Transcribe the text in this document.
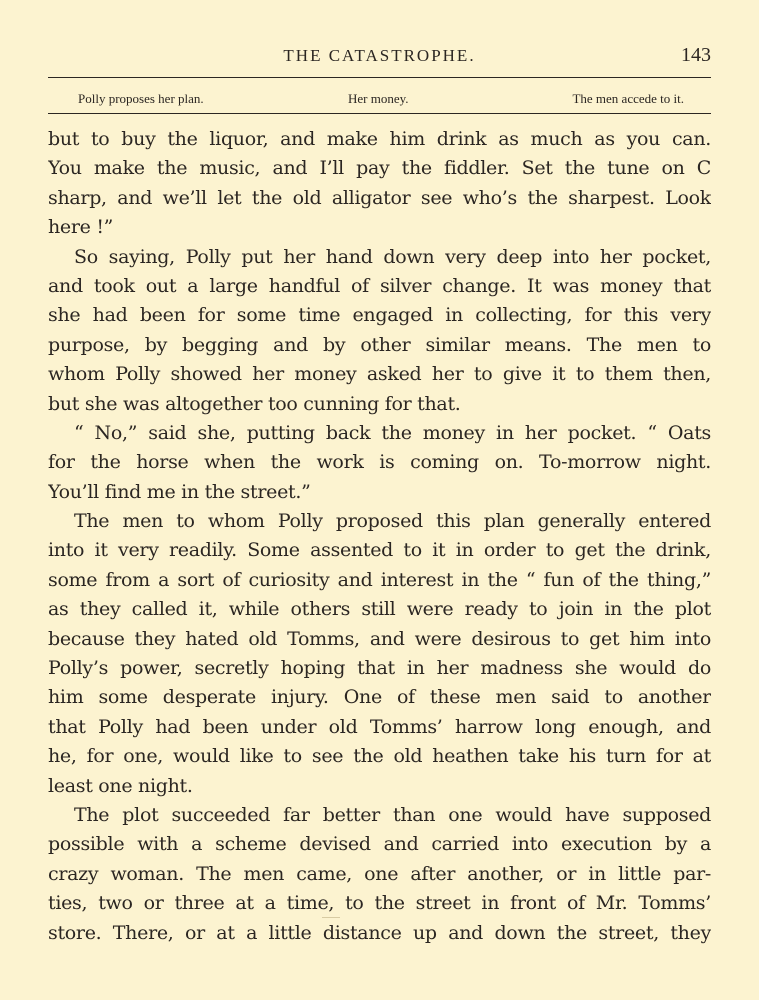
THE CATASTROPHE.	143
Polly proposes her plan.	Her money.	The men accede to it.
but to buy the liquor, and make him drink as much as you can.
You make the music, and I’ll pay the fiddler. Set the tune on C
sharp, and we’ll let the old alligator see who’s the sharpest. Look
here !”
So saying, Polly put her hand down very deep into her pocket,
and took out a large handful of silver change. It was money that
she had been for some time engaged in collecting, for this very
purpose, by begging and by other similar means. The men to
whom Polly showed her money asked her to give it to them then,
but she was altogether too cunning for that.
“ No,” said she, putting back the money in her pocket. “ Oats
for the horse when the work is coming on. To-morrow night.
You’ll find me in the street.”
The men to whom Polly proposed this plan generally entered
into it very readily. Some assented to it in order to get the drink,
some from a sort of curiosity and interest in the “ fun of the thing,”
as they called it, while others still were ready to join in the plot
because they hated old Tomms, and were desirous to get him into
Polly’s power, secretly hoping that in her madness she would do
him some desperate injury. One of these men said to another
that Polly had been under old Tomms’ harrow long enough, and
he, for one, would like to see the old heathen take his turn for at
least one night.
The plot succeeded far better than one would have supposed
possible with a scheme devised and carried into execution by a
crazy woman. The men came, one after another, or in little par-
ties, two or three at a time, to the street in front of Mr. Tomms’
store. There, or at a little distance up and down the street, they
